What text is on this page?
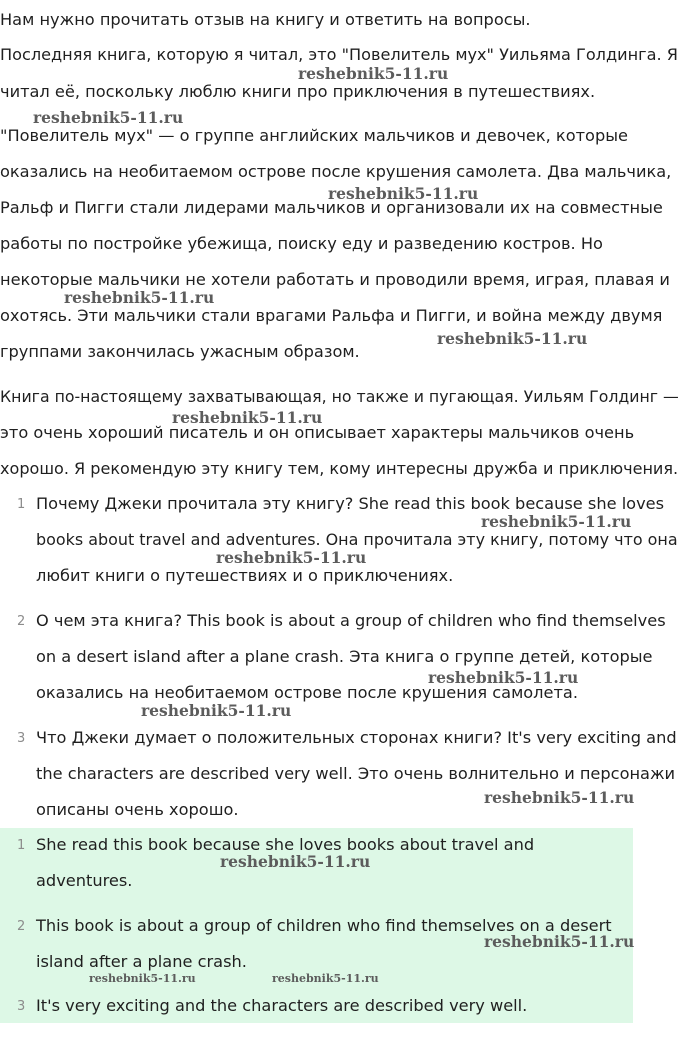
Нам нужно прочитать отзыв на книгу и ответить на вопросы.
Последняя книга, которую я читал, это "Повелитель мух" Уильяма Голдинга. Я
читал её, поскольку люблю книги про приключения в путешествиях.
"Повелитель мух" — о группе английских мальчиков и девочек, которые
оказались на необитаемом острове после крушения самолета. Два мальчика,
Ральф и Пигги стали лидерами мальчиков и организовали их на совместные
работы по постройке убежища, поиску еду и разведению костров. Но
некоторые мальчики не хотели работать и проводили время, играя, плавая и
охотясь. Эти мальчики стали врагами Ральфа и Пигги, и война между двумя
группами закончилась ужасным образом.
Книга по-настоящему захватывающая, но также и пугающая. Уильям Голдинг —
это очень хороший писатель и он описывает характеры мальчиков очень
хорошо. Я рекомендую эту книгу тем, кому интересны дружба и приключения.
1 Почему Джеки прочитала эту книгу? She read this book because she loves
books about travel and adventures. Она прочитала эту книгу, потому что она
любит книги о путешествиях и о приключениях.
2 О чем эта книга? This book is about a group of children who find themselves
on a desert island after a plane crash. Эта книга о группе детей, которые
оказались на необитаемом острове после крушения самолета.
3 Что Джеки думает о положительных сторонах книги? It's very exciting and
the characters are described very well. Это очень волнительно и персонажи
описаны очень хорошо.
1 She read this book because she loves books about travel and
adventures.
2 This book is about a group of children who find themselves on a desert
island after a plane crash.
3 It's very exciting and the characters are described very well.
reshebnik5-11.ru
reshebnik5-11.ru
reshebnik5-11.ru
reshebnik5-11.ru
reshebnik5-11.ru
reshebnik5-11.ru
reshebnik5-11.ru
reshebnik5-11.ru
reshebnik5-11.ru
reshebnik5-11.ru
reshebnik5-11.ru
reshebnik5-11.ru
reshebnik5-11.ru
reshebnik5-11.ru	reshebnik5-11.ru
